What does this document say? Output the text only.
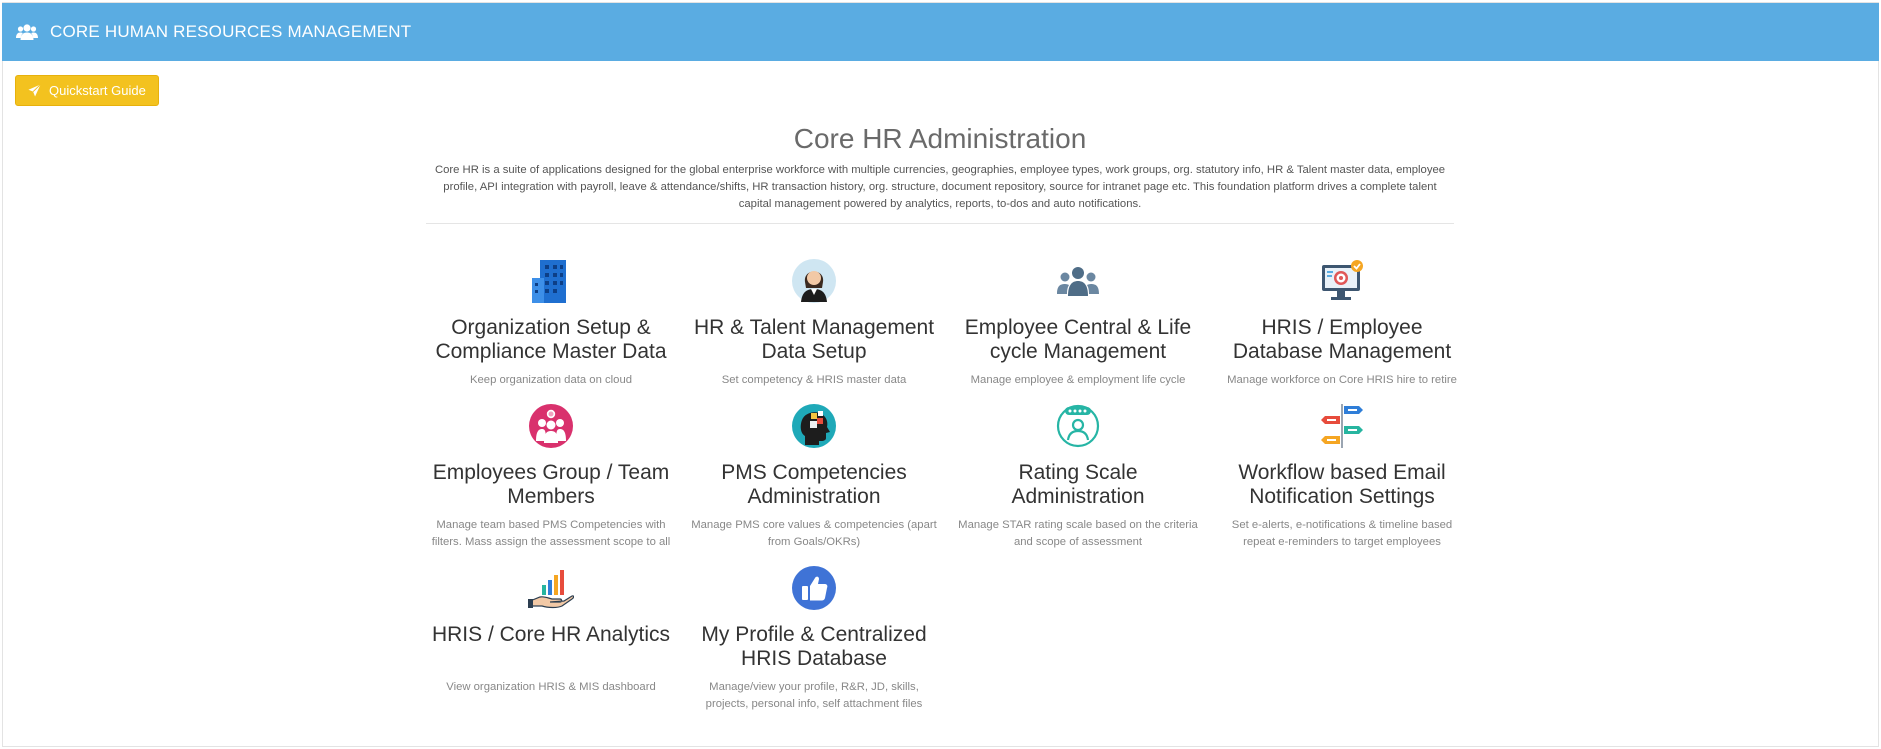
CORE HUMAN RESOURCES MANAGEMENT
Quickstart Guide
Core HR Administration

Core HR is a suite of applications designed for the global enterprise workforce with multiple currencies, geographies, employee types, work groups, org. statutory info, HR & Talent master data, employee profile, API integration with payroll, leave & attendance/shifts, HR transaction history, org. structure, document repository, source for intranet page etc. This foundation platform drives a complete talent capital management powered by analytics, reports, to-dos and auto notifications.

Organization Setup & Compliance Master Data
Keep organization data on cloud
HR & Talent Management Data Setup
Set competency & HRIS master data
Employee Central & Life cycle Management
Manage employee & employment life cycle
HRIS / Employee Database Management
Manage workforce on Core HRIS hire to retire
Employees Group / Team Members
Manage team based PMS Competencies with filters. Mass assign the assessment scope to all
PMS Competencies Administration
Manage PMS core values & competencies (apart from Goals/OKRs)
Rating Scale Administration
Manage STAR rating scale based on the criteria and scope of assessment
Workflow based Email Notification Settings
Set e-alerts, e-notifications & timeline based repeat e-reminders to target employees
HRIS / Core HR Analytics
View organization HRIS & MIS dashboard
My Profile & Centralized HRIS Database
Manage/view your profile, R&R, JD, skills, projects, personal info, self attachment files
